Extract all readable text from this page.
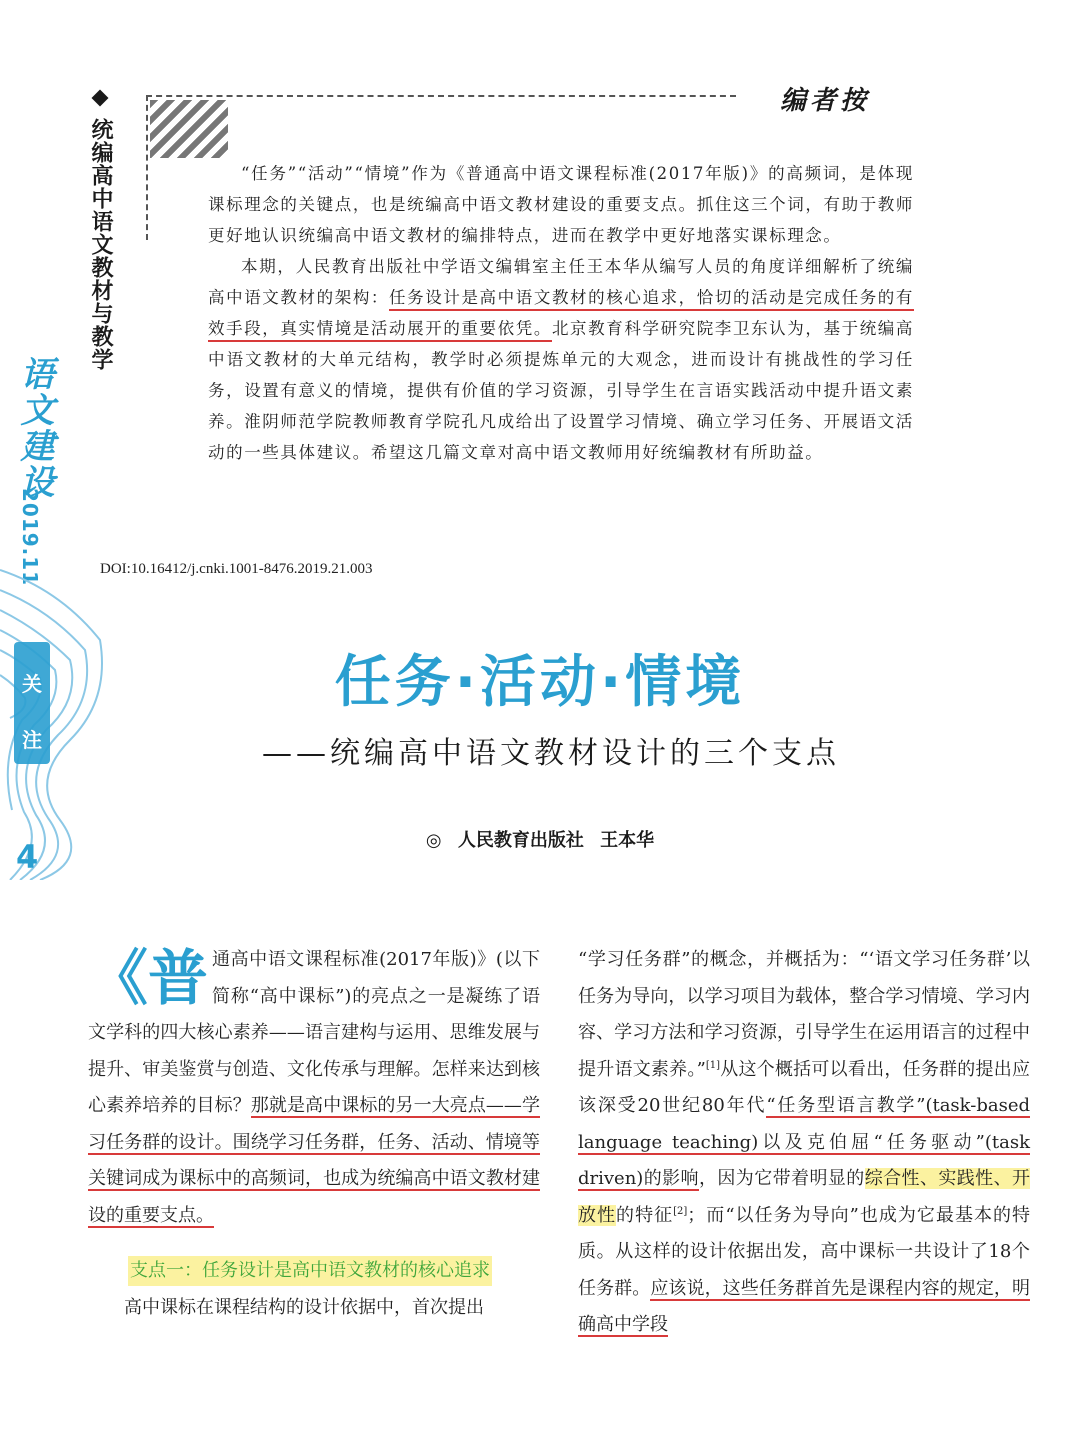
统编高中语文教材与教学
语文建设
2019.11
关注
4
编者按

“任务”“活动”“情境”作为《普通高中语文课程标准(2017年版)》的高频词，是体现课标理念的关键点，也是统编高中语文教材建设的重要支点。抓住这三个词，有助于教师更好地认识统编高中语文教材的编排特点，进而在教学中更好地落实课标理念。

本期，人民教育出版社中学语文编辑室主任王本华从编写人员的角度详细解析了统编高中语文教材的架构：任务设计是高中语文教材的核心追求，恰切的活动是完成任务的有效手段，真实情境是活动展开的重要依凭。北京教育科学研究院李卫东认为，基于统编高中语文教材的大单元结构，教学时必须提炼单元的大观念，进而设计有挑战性的学习任务，设置有意义的情境，提供有价值的学习资源，引导学生在言语实践活动中提升语文素养。淮阴师范学院教师教育学院孔凡成给出了设置学习情境、确立学习任务、开展语文活动的一些具体建议。希望这几篇文章对高中语文教师用好统编教材有所助益。

DOI:10.16412/j.cnki.1001-8476.2019.21.003
任务·活动·情境
——统编高中语文教材设计的三个支点
◎ 人民教育出版社 王本华

《普通高中语文课程标准(2017年版)》(以下简称“高中课标”)的亮点之一是凝练了语文学科的四大核心素养——语言建构与运用、思维发展与提升、审美鉴赏与创造、文化传承与理解。怎样来达到核心素养培养的目标？那就是高中课标的另一大亮点——学习任务群的设计。围绕学习任务群，任务、活动、情境等关键词成为课标中的高频词，也成为统编高中语文教材建设的重要支点。

支点一：任务设计是高中语文教材的核心追求

高中课标在课程结构的设计依据中，首次提出

“学习任务群”的概念，并概括为：“‘语文学习任务群’以任务为导向，以学习项目为载体，整合学习情境、学习内容、学习方法和学习资源，引导学生在运用语言的过程中提升语文素养。”[1]从这个概括可以看出，任务群的提出应该深受20世纪80年代“任务型语言教学”(task-based language teaching)以及克伯屈“任务驱动”(task driven)的影响，因为它带着明显的综合性、实践性、开放性的特征[2]；而“以任务为导向”也成为它最基本的特质。从这样的设计依据出发，高中课标一共设计了18个任务群。应该说，这些任务群首先是课程内容的规定，明确高中学段
